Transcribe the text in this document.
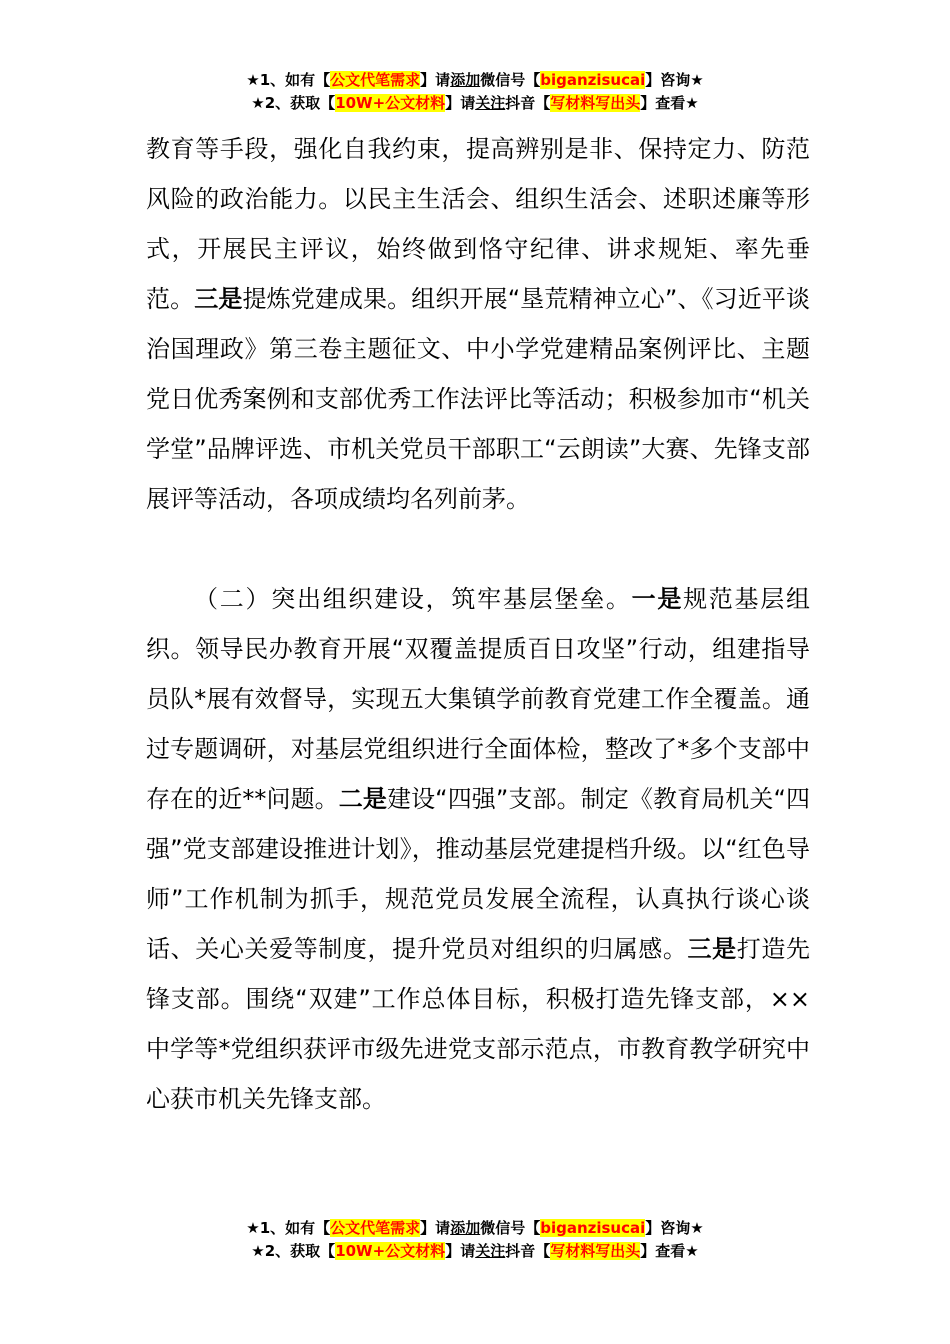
★1、如有【公文代笔需求】请添加微信号【biganzisucai】咨询★
★2、获取【10W+公文材料】请关注抖音【写材料写出头】查看★

教育等手段，强化自我约束，提高辨别是非、保持定力、防范风险的政治能力。以民主生活会、组织生活会、述职述廉等形式，开展民主评议，始终做到恪守纪律、讲求规矩、率先垂范。三是提炼党建成果。组织开展“垦荒精神立心”、《习近平谈治国理政》第三卷主题征文、中小学党建精品案例评比、主题党日优秀案例和支部优秀工作法评比等活动；积极参加市“机关学堂”品牌评选、市机关党员干部职工“云朗读”大赛、先锋支部展评等活动，各项成绩均名列前茅。

（二）突出组织建设，筑牢基层堡垒。一是规范基层组织。领导民办教育开展“双覆盖提质百日攻坚”行动，组建指导员队*展有效督导，实现五大集镇学前教育党建工作全覆盖。通过专题调研，对基层党组织进行全面体检，整改了*多个支部中存在的近**问题。二是建设“四强”支部。制定《教育局机关“四强”党支部建设推进计划》，推动基层党建提档升级。以“红色导师”工作机制为抓手，规范党员发展全流程，认真执行谈心谈话、关心关爱等制度，提升党员对组织的归属感。三是打造先锋支部。围绕“双建”工作总体目标，积极打造先锋支部，××中学等*党组织获评市级先进党支部示范点，市教育教学研究中心获市机关先锋支部。

★1、如有【公文代笔需求】请添加微信号【biganzisucai】咨询★
★2、获取【10W+公文材料】请关注抖音【写材料写出头】查看★
